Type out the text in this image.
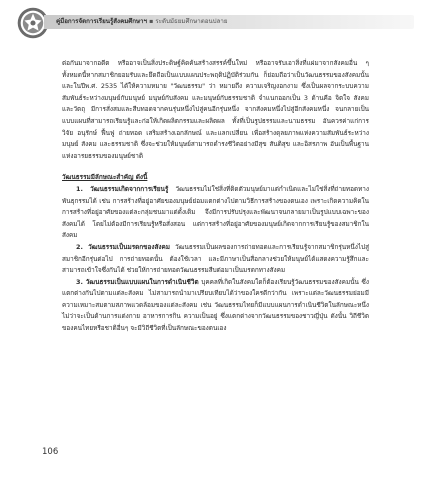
คู่มือการจัดการเรียนรู้สังคมศึกษาฯ ▪ ระดับมัธยมศึกษาตอนปลาย

ต่อกันมาจากอดีต หรืออาจเป็นสิ่งประดิษฐ์คิดค้นสร้างสรรค์ขึ้นใหม่ หรืออาจรับเอาสิ่งที่แผ่มาจากสังคมอื่น ๆ ทั้งหมดนี้หากสมาชิกยอมรับและยึดถือเป็นแบบแผนประพฤติปฏิบัติร่วมกัน ก็ย่อมถือว่าเป็นวัฒนธรรมของสังคมนั้น และในปีพ.ศ. 2535 ได้ให้ความหมาย "วัฒนธรรม" ว่า หมายถึง ความเจริญงอกงาม ซึ่งเป็นผลจากระบบความสัมพันธ์ระหว่างมนุษย์กับมนุษย์ มนุษย์กับสังคม และมนุษย์กับธรรมชาติ จำแนกออกเป็น 3 ด้านคือ จิตใจ สังคม และวัตถุ มีการสั่งสมและสืบทอดจากคนรุ่นหนึ่งไปสู่คนอีกรุ่นหนึ่ง จากสังคมหนึ่งไปสู่อีกสังคมหนึ่ง จนกลายเป็นแบบแผนที่สามารถเรียนรู้และก่อให้เกิดผลิตกรรมและผลิตผล ทั้งที่เป็นรูปธรรมและนามธรรม อันควรค่าแก่การวิจัย อนุรักษ์ ฟื้นฟู ถ่ายทอด เสริมสร้างเอกลักษณ์ และแลกเปลี่ยน เพื่อสร้างดุลยภาพแห่งความสัมพันธ์ระหว่างมนุษย์ สังคม และธรรมชาติ ซึ่งจะช่วยให้มนุษย์สามารถดำรงชีวิตอย่างมีสุข สันติสุข และอิสรภาพ อันเป็นพื้นฐานแห่งอารยธรรมของมนุษย์ชาติ

วัฒนธรรมมีลักษณะสำคัญ ดังนี้

1. วัฒนธรรมเกิดจากการเรียนรู้ วัฒนธรรมไม่ใช่สิ่งที่ติดตัวมนุษย์มาแต่กำเนิดและไม่ใช่สิ่งที่ถ่ายทอดทางพันธุกรรมได้ เช่น การสร้างที่อยู่อาศัยของมนุษย์ย่อมแตกต่างไปตามวิธีการสร้างของตนเอง เพราะเกิดความคิดในการสร้างที่อยู่อาศัยของแต่ละกลุ่มชนมาแต่ดั้งเดิม จึงมีการปรับปรุงและพัฒนาจนกลายมาเป็นรูปแบบเฉพาะของสังคมได้ โดยไม่ต้องมีการเรียนรู้หรือสั่งสอน แต่การสร้างที่อยู่อาศัยของมนุษย์เกิดจากการเรียนรู้ของสมาชิกในสังคม

2. วัฒนธรรมเป็นมรดกของสังคม วัฒนธรรมเป็นผลของการถ่ายทอดและการเรียนรู้จากสมาชิกรุ่นหนึ่งไปสู่สมาชิกอีกรุ่นต่อไป การถ่ายทอดนั้น ต้องใช้เวลา และมีภาษาเป็นสื่อกลางช่วยให้มนุษย์ได้แสดงความรู้สึกและสามารถเข้าใจซึ่งกันได้ ช่วยให้การถ่ายทอดวัฒนธรรมสืบต่อมาเป็นมรดกทางสังคม

3. วัฒนธรรมเป็นแบบแผนในการดำเนินชีวิต บุคคลที่เกิดในสังคมใดก็ต้องเรียนรู้วัฒนธรรมของสังคมนั้น ซึ่งแตกต่างกันไปตามแต่ละสังคม ไม่สามารถนำมาเปรียบเทียบได้ว่าของใครดีกว่ากัน เพราะแต่ละวัฒนธรรมย่อมมีความเหมาะสมตามสภาพแวดล้อมของแต่ละสังคม เช่น วัฒนธรรมไทยก็มีแบบแผนการดำเนินชีวิตในลักษณะหนึ่งไม่ว่าจะเป็นด้านการแต่งกาย อาหารการกิน ความเป็นอยู่ ซึ่งแตกต่างจากวัฒนธรรมของชาวญี่ปุ่น ดังนั้น วิถีชีวิตของคนไทยหรือชาติอื่นๆ จะมีวิถีชีวิตที่เป็นลักษณะของตนเอง

106
